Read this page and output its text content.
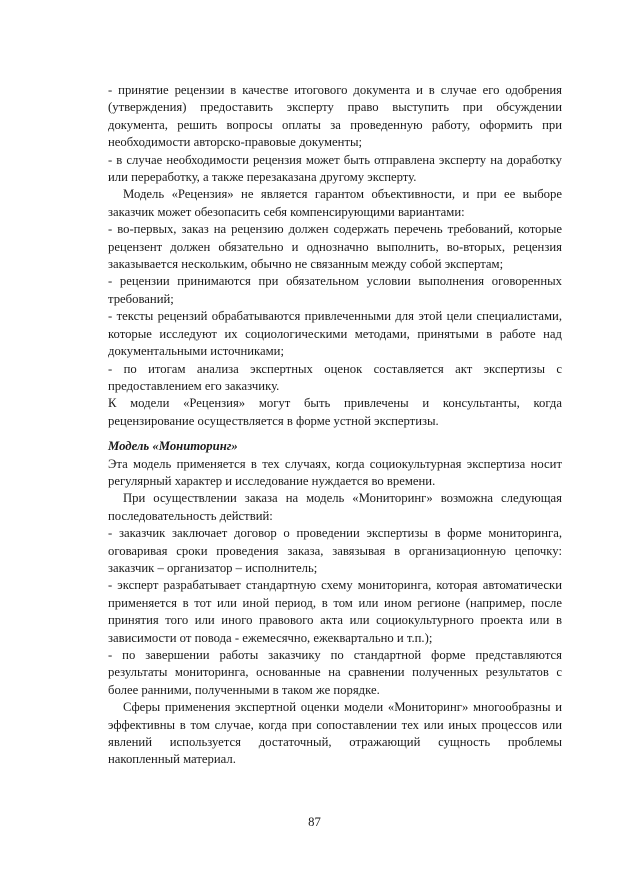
- принятие рецензии в качестве итогового документа и в случае его одобрения (утверждения) предоставить эксперту право выступить при обсуждении документа, решить вопросы оплаты за проведенную работу, оформить при необходимости авторско-правовые документы;

- в случае необходимости рецензия может быть отправлена эксперту на доработку или переработку, а также перезаказана другому эксперту.

Модель «Рецензия» не является гарантом объективности, и при ее выборе заказчик может обезопасить себя компенсирующими вариантами:

- во-первых, заказ на рецензию должен содержать перечень требований, которые рецензент должен обязательно и однозначно выполнить, во-вторых, рецензия заказывается нескольким, обычно не связанным между собой экспертам;

- рецензии принимаются при обязательном условии выполнения оговоренных требований;

- тексты рецензий обрабатываются привлеченными для этой цели специалистами, которые исследуют их социологическими методами, принятыми в работе над документальными источниками;

- по итогам анализа экспертных оценок составляется акт экспертизы с предоставлением его заказчику.

К модели «Рецензия» могут быть привлечены и консультанты, когда рецензирование осуществляется в форме устной экспертизы.

Модель «Мониторинг»

Эта модель применяется в тех случаях, когда социокультурная экспертиза носит регулярный характер и исследование нуждается во времени.

При осуществлении заказа на модель «Мониторинг» возможна следующая последовательность действий:

- заказчик заключает договор о проведении экспертизы в форме мониторинга, оговаривая сроки проведения заказа, завязывая в организационную цепочку: заказчик – организатор – исполнитель;

- эксперт разрабатывает стандартную схему мониторинга, которая автоматически применяется в тот или иной период, в том или ином регионе (например, после принятия того или иного правового акта или социокультурного проекта или в зависимости от повода - ежемесячно, ежеквартально и т.п.);

- по завершении работы заказчику по стандартной форме представляются результаты мониторинга, основанные на сравнении полученных результатов с более ранними, полученными в таком же порядке.

Сферы применения экспертной оценки модели «Мониторинг» многообразны и эффективны в том случае, когда при сопоставлении тех или иных процессов или явлений используется достаточный, отражающий сущность проблемы накопленный материал.

87
